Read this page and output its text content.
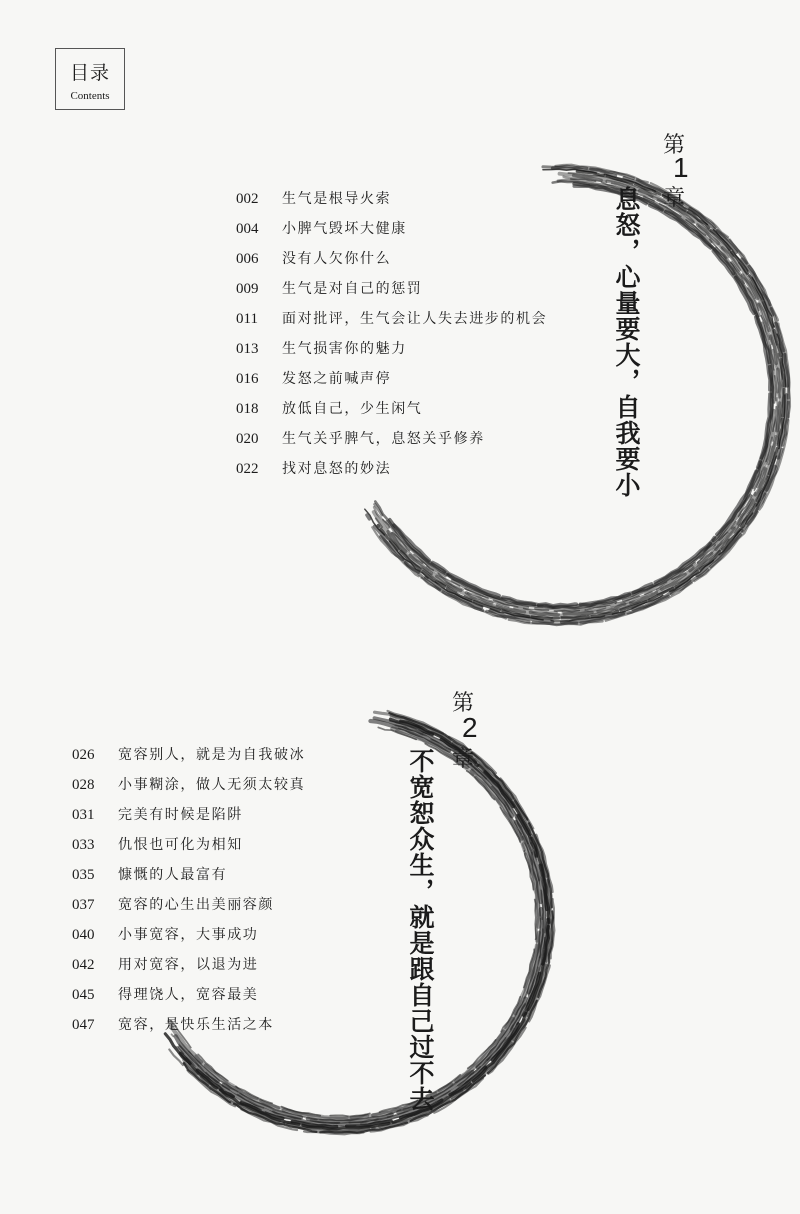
目录
Contents
第
1
章
息怒，心量要大，自我要小
002 生气是根导火索
004 小脾气毁坏大健康
006 没有人欠你什么
009 生气是对自己的惩罚
011 面对批评，生气会让人失去进步的机会
013 生气损害你的魅力
016 发怒之前喊声停
018 放低自己，少生闲气
020 生气关乎脾气，息怒关乎修养
022 找对息怒的妙法
第
2
章
不宽恕众生，就是跟自己过不去
026 宽容别人，就是为自我破冰
028 小事糊涂，做人无须太较真
031 完美有时候是陷阱
033 仇恨也可化为相知
035 慷慨的人最富有
037 宽容的心生出美丽容颜
040 小事宽容，大事成功
042 用对宽容，以退为进
045 得理饶人，宽容最美
047 宽容，是快乐生活之本
